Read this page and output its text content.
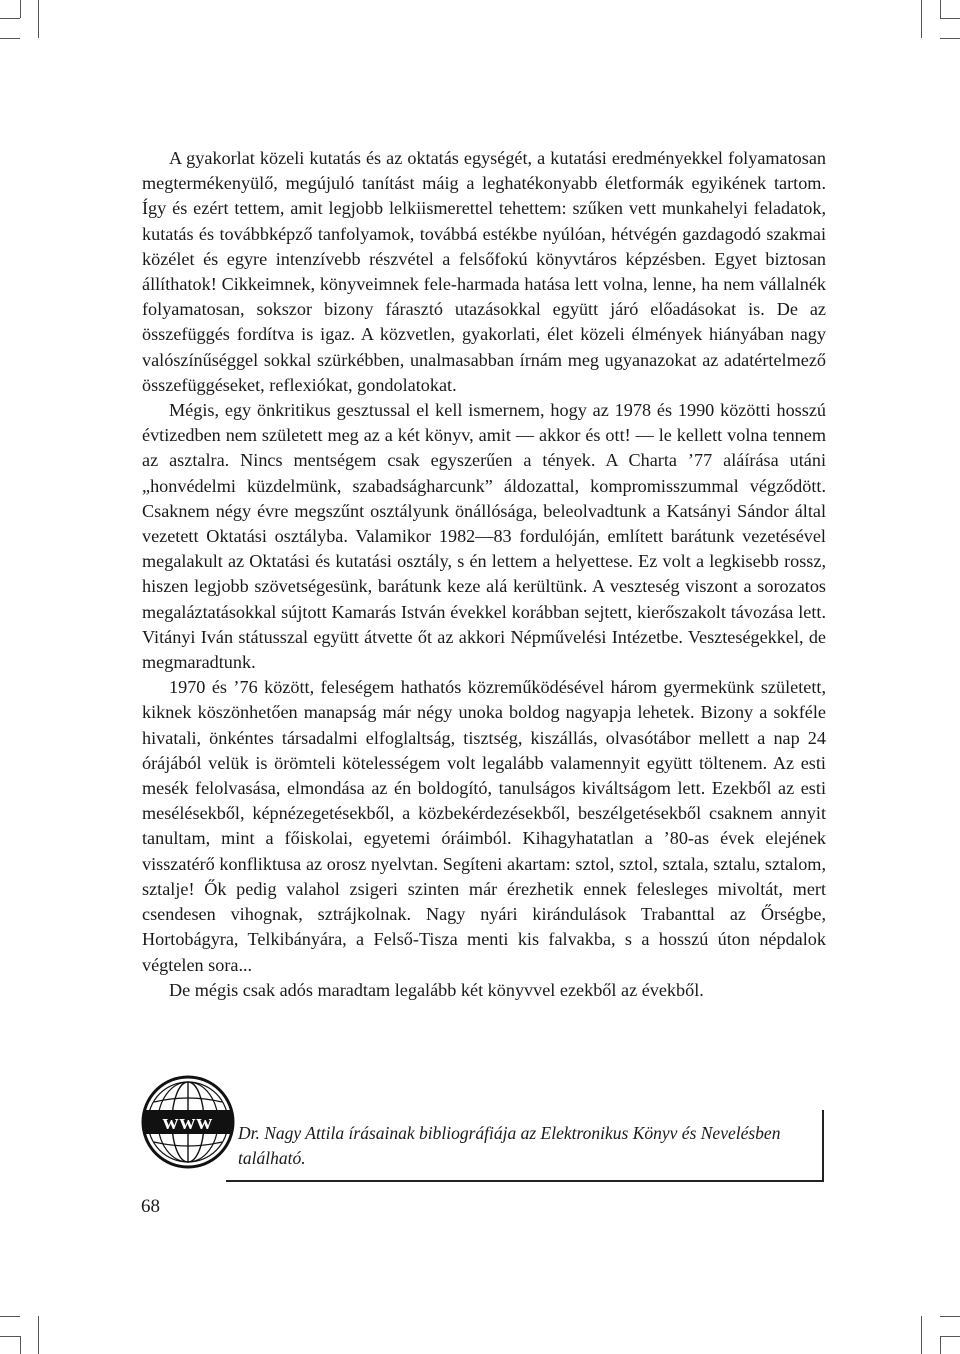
A gyakorlat közeli kutatás és az oktatás egységét, a kutatási eredményekkel folyamatosan megtermékenyülő, megújuló tanítást máig a leghatékonyabb életformák egyikének tartom. Így és ezért tettem, amit legjobb lelkiismerettel tehettem: szűken vett munkahelyi feladatok, kutatás és továbbképző tanfolyamok, továbbá estékbe nyúlóan, hétvégén gazdagodó szakmai közélet és egyre intenzívebb részvétel a felsőfokú könyvtáros képzésben. Egyet biztosan állíthatok! Cikkeimnek, könyveimnek fele-harmada hatása lett volna, lenne, ha nem vállalnék folyamatosan, sokszor bizony fárasztó utazásokkal együtt járó előadásokat is. De az összefüggés fordítva is igaz. A közvetlen, gyakorlati, élet közeli élmények hiányában nagy valószínűséggel sokkal szürkébben, unalmasabban írnám meg ugyanazokat az adatértelmező összefüggéseket, reflexiókat, gondolatokat.

Mégis, egy önkritikus gesztussal el kell ismernem, hogy az 1978 és 1990 közötti hosszú évtizedben nem született meg az a két könyv, amit — akkor és ott! — le kellett volna tennem az asztalra. Nincs mentségem csak egyszerűen a tények. A Charta ’77 aláírása utáni „honvédelmi küzdelmünk, szabadságharcunk” áldozattal, kompromisszummal végződött. Csaknem négy évre megszűnt osztályunk önállósága, beleolvadtunk a Katsányi Sándor által vezetett Oktatási osztályba. Valamikor 1982—83 fordulóján, említett barátunk vezetésével megalakult az Oktatási és kutatási osztály, s én lettem a helyettese. Ez volt a legkisebb rossz, hiszen legjobb szövetségesünk, barátunk keze alá kerültünk. A veszteség viszont a sorozatos megaláztatásokkal sújtott Kamarás István évekkel korábban sejtett, kierőszakolt távozása lett. Vitányi Iván státusszal együtt átvette őt az akkori Népművelési Intézetbe. Veszteségekkel, de megmaradtunk.

1970 és ’76 között, feleségem hathatós közreműködésével három gyermekünk született, kiknek köszönhetően manapság már négy unoka boldog nagyapja lehetek. Bizony a sokféle hivatali, önkéntes társadalmi elfoglaltság, tisztség, kiszállás, olvasótábor mellett a nap 24 órájából velük is örömteli kötelességem volt legalább valamennyit együtt töltenem. Az esti mesék felolvasása, elmondása az én boldogító, tanulságos kiváltságom lett. Ezekből az esti mesélésekből, képnézegetésekből, a közbekérdezésekből, beszélgetésekből csaknem annyit tanultam, mint a főiskolai, egyetemi óráimból. Kihagyhatatlan a ’80-as évek elejének visszatérő konfliktusa az orosz nyelvtan. Segíteni akartam: sztol, sztol, sztala, sztalu, sztalom, sztalje! Ők pedig valahol zsigeri szinten már érezhetik ennek felesleges mivoltát, mert csendesen vihognak, sztrájkolnak. Nagy nyári kirándulások Trabanttal az Őrségbe, Hortobágyra, Telkibányára, a Felső-Tisza menti kis falvakba, s a hosszú úton népdalok végtelen sora...

De mégis csak adós maradtam legalább két könyvvel ezekből az évekből.

www Dr. Nagy Attila írásainak bibliográfiája az Elektronikus Könyv és Nevelésben található.
68
